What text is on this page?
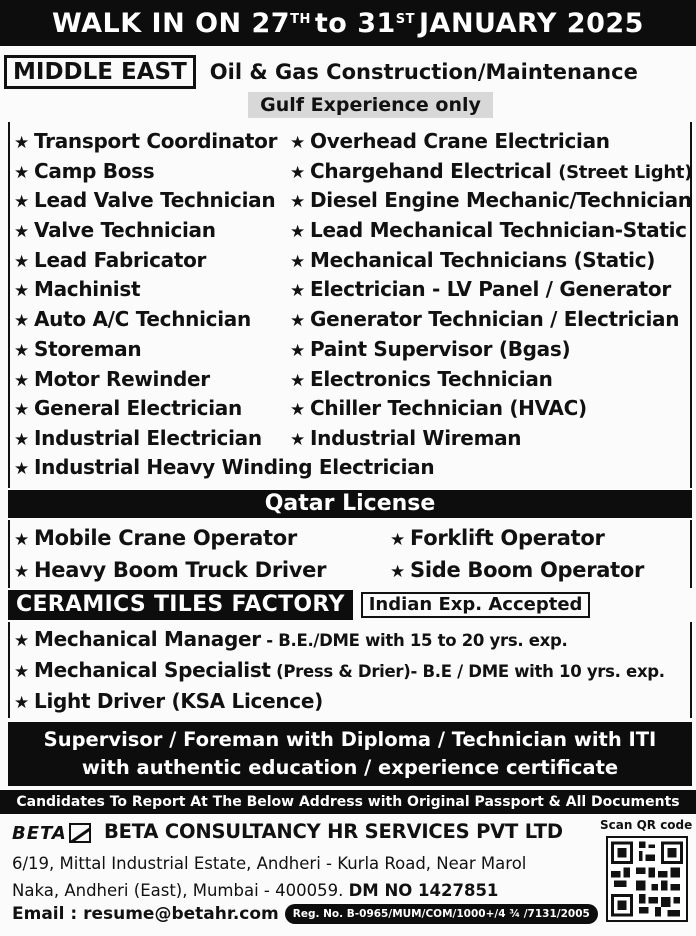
WALK IN ON 27TH to 31ST JANUARY 2025
MIDDLE EAST	Oil & Gas Construction/Maintenance
Gulf Experience only
★ Transport Coordinator
★ Camp Boss
★ Lead Valve Technician
★ Valve Technician
★ Lead Fabricator
★ Machinist
★ Auto A/C Technician
★ Storeman
★ Motor Rewinder
★ General Electrician
★ Industrial Electrician
★ Overhead Crane Electrician
★ Chargehand Electrical (Street Light)
★ Diesel Engine Mechanic/Technician
★ Lead Mechanical Technician-Static
★ Mechanical Technicians (Static)
★ Electrician - LV Panel / Generator
★ Generator Technician / Electrician
★ Paint Supervisor (Bgas)
★ Electronics Technician
★ Chiller Technician (HVAC)
★ Industrial Wireman
★ Industrial Heavy Winding Electrician
Qatar License
★ Mobile Crane Operator
★ Heavy Boom Truck Driver
★ Forklift Operator
★ Side Boom Operator
CERAMICS TILES FACTORY	Indian Exp. Accepted
★ Mechanical Manager - B.E./DME with 15 to 20 yrs. exp.
★ Mechanical Specialist (Press & Drier)- B.E / DME with 10 yrs. exp.
★ Light Driver (KSA Licence)
Supervisor / Foreman with Diploma / Technician with ITI
with authentic education / experience certificate
Candidates To Report At The Below Address with Original Passport & All Documents
BETA BETA CONSULTANCY HR SERVICES PVT LTD
6/19, Mittal Industrial Estate, Andheri - Kurla Road, Near Marol
Naka, Andheri (East), Mumbai - 400059. DM NO 1427851
Email : resume@betahr.com	Reg. No. B-0965/MUM/COM/1000+/4 ¾ /7131/2005
Scan QR code
